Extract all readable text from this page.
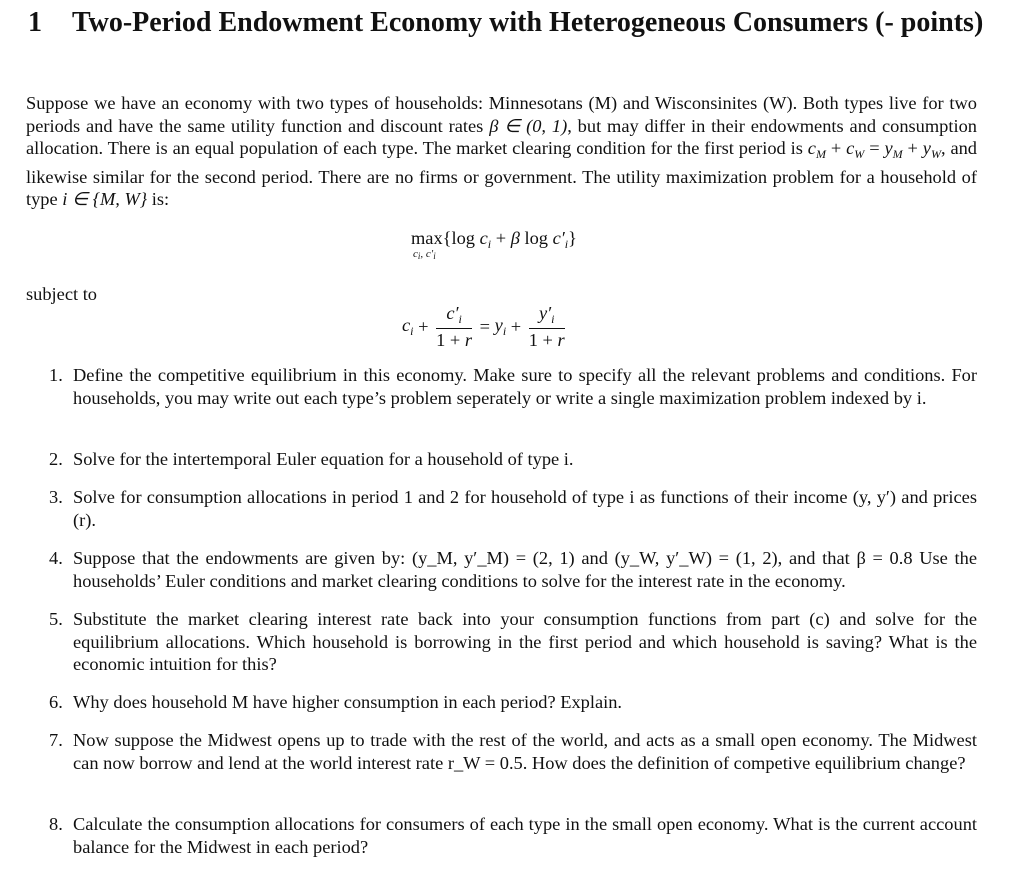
1 Two-Period Endowment Economy with Heterogeneous Consumers (- points)
Suppose we have an economy with two types of households: Minnesotans (M) and Wisconsinites (W). Both types live for two periods and have the same utility function and discount rates β ∈ (0, 1), but may differ in their endowments and consumption allocation. There is an equal population of each type. The market clearing condition for the first period is $c_M + c_W = y_M + y_W$, and likewise similar for the second period. There are no firms or government. The utility maximization problem for a household of type i ∈ {M, W} is:
max
ci, c′i
{log $c_i + \beta$ $\log c'_i$}
subject to
$c_i + \frac{c'_i}{1 + r} = y_i + \frac{y'_i}{1 + r}$
1. Define the competitive equilibrium in this economy. Make sure to specify all the relevant problems and conditions. For households, you may write out each type’s problem seperately or write a single maximization problem indexed by i.
2. Solve for the intertemporal Euler equation for a household of type i.
3. Solve for consumption allocations in period 1 and 2 for household of type i as functions of their income (y, y′) and prices (r).
4. Suppose that the endowments are given by: (y_M, y′_M) = (2, 1) and (y_W, y′_W) = (1, 2), and that β = 0.8 Use the households’ Euler conditions and market clearing conditions to solve for the interest rate in the economy.
5. Substitute the market clearing interest rate back into your consumption functions from part (c) and solve for the equilibrium allocations. Which household is borrowing in the first period and which household is saving? What is the economic intuition for this?
6. Why does household M have higher consumption in each period? Explain.
7. Now suppose the Midwest opens up to trade with the rest of the world, and acts as a small open economy. The Midwest can now borrow and lend at the world interest rate r_W = 0.5. How does the definition of competive equilibrium change?
8. Calculate the consumption allocations for consumers of each type in the small open economy. What is the current account balance for the Midwest in each period?
